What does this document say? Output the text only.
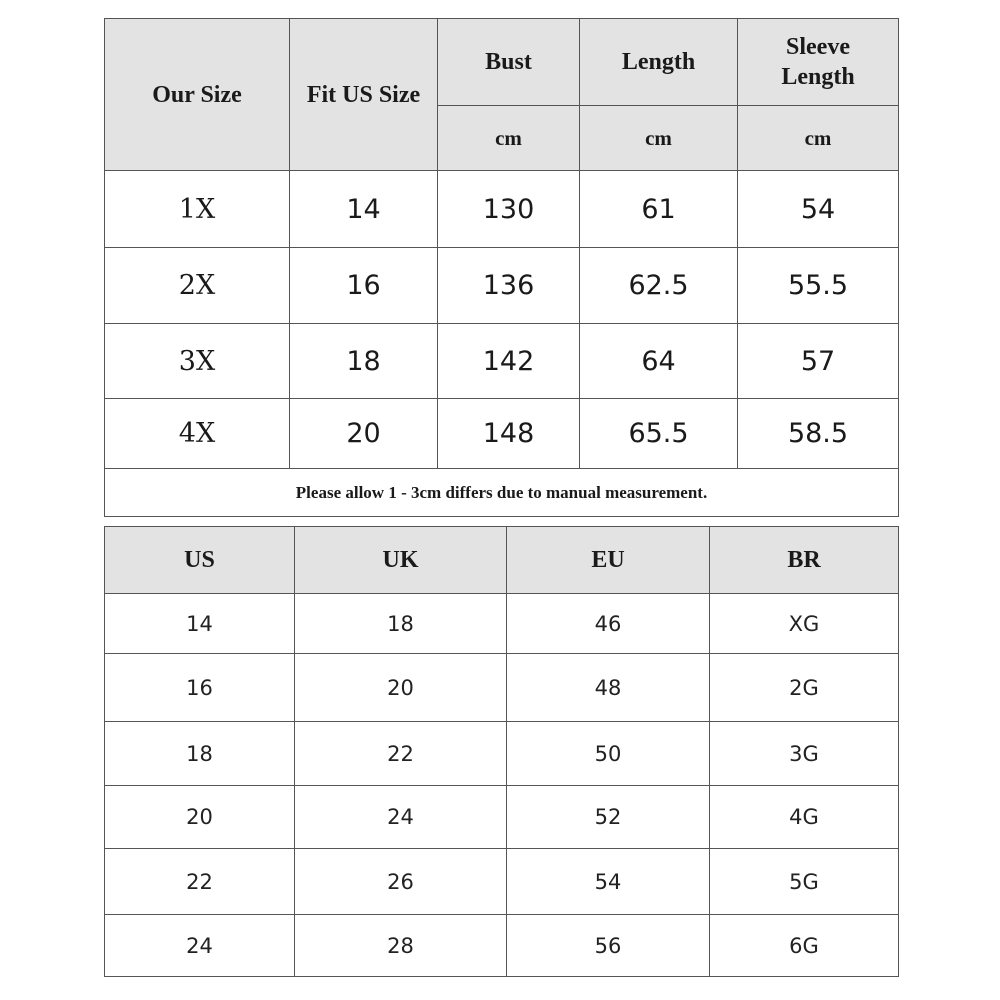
Our Size	Fit US Size	Bust	Length	Sleeve Length
		cm	cm	cm
1X	14	130	61	54
2X	16	136	62.5	55.5
3X	18	142	64	57
4X	20	148	65.5	58.5
Please allow 1 - 3cm differs due to manual measurement.				
US	UK	EU	BR
14	18	46	XG
16	20	48	2G
18	22	50	3G
20	24	52	4G
22	26	54	5G
24	28	56	6G
